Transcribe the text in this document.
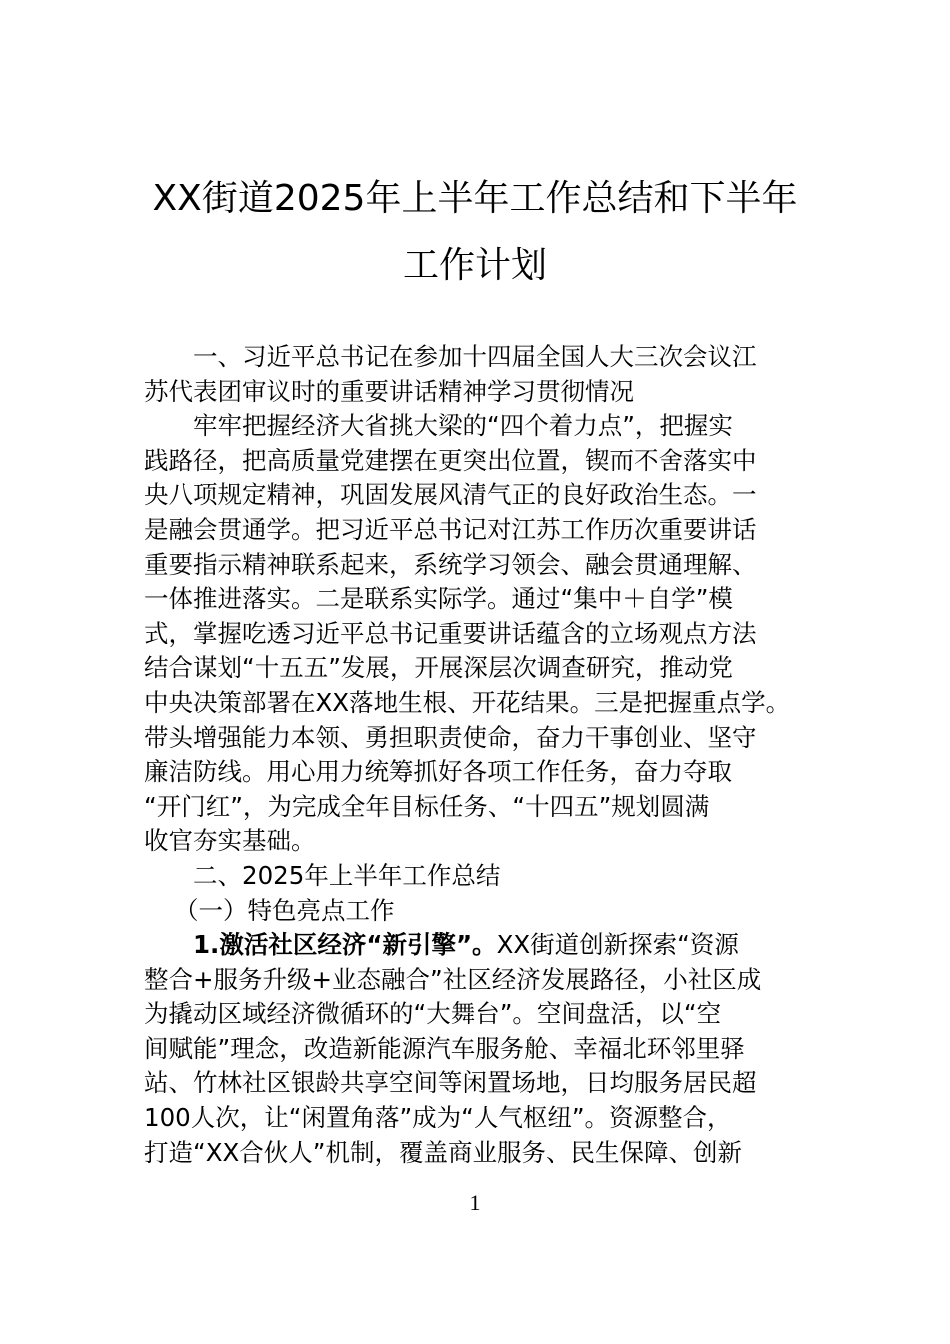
XX街道2025年上半年工作总结和下半年
工作计划
一、习近平总书记在参加十四届全国人大三次会议江
苏代表团审议时的重要讲话精神学习贯彻情况
牢牢把握经济大省挑大梁的“四个着力点”，把握实
践路径，把高质量党建摆在更突出位置，锲而不舍落实中
央八项规定精神，巩固发展风清气正的良好政治生态。一
是融会贯通学。把习近平总书记对江苏工作历次重要讲话
重要指示精神联系起来，系统学习领会、融会贯通理解、
一体推进落实。二是联系实际学。通过“集中＋自学”模
式，掌握吃透习近平总书记重要讲话蕴含的立场观点方法
结合谋划“十五五”发展，开展深层次调查研究，推动党
中央决策部署在XX落地生根、开花结果。三是把握重点学。
带头增强能力本领、勇担职责使命，奋力干事创业、坚守
廉洁防线。用心用力统筹抓好各项工作任务，奋力夺取
“开门红”，为完成全年目标任务、“十四五”规划圆满
收官夯实基础。
二、2025年上半年工作总结
（一）特色亮点工作
1.激活社区经济“新引擎”。XX街道创新探索“资源
整合+服务升级+业态融合”社区经济发展路径，小社区成
为撬动区域经济微循环的“大舞台”。空间盘活，以“空
间赋能”理念，改造新能源汽车服务舱、幸福北环邻里驿
站、竹林社区银龄共享空间等闲置场地，日均服务居民超
100人次，让“闲置角落”成为“人气枢纽”。资源整合，
打造“XX合伙人”机制，覆盖商业服务、民生保障、创新
1
